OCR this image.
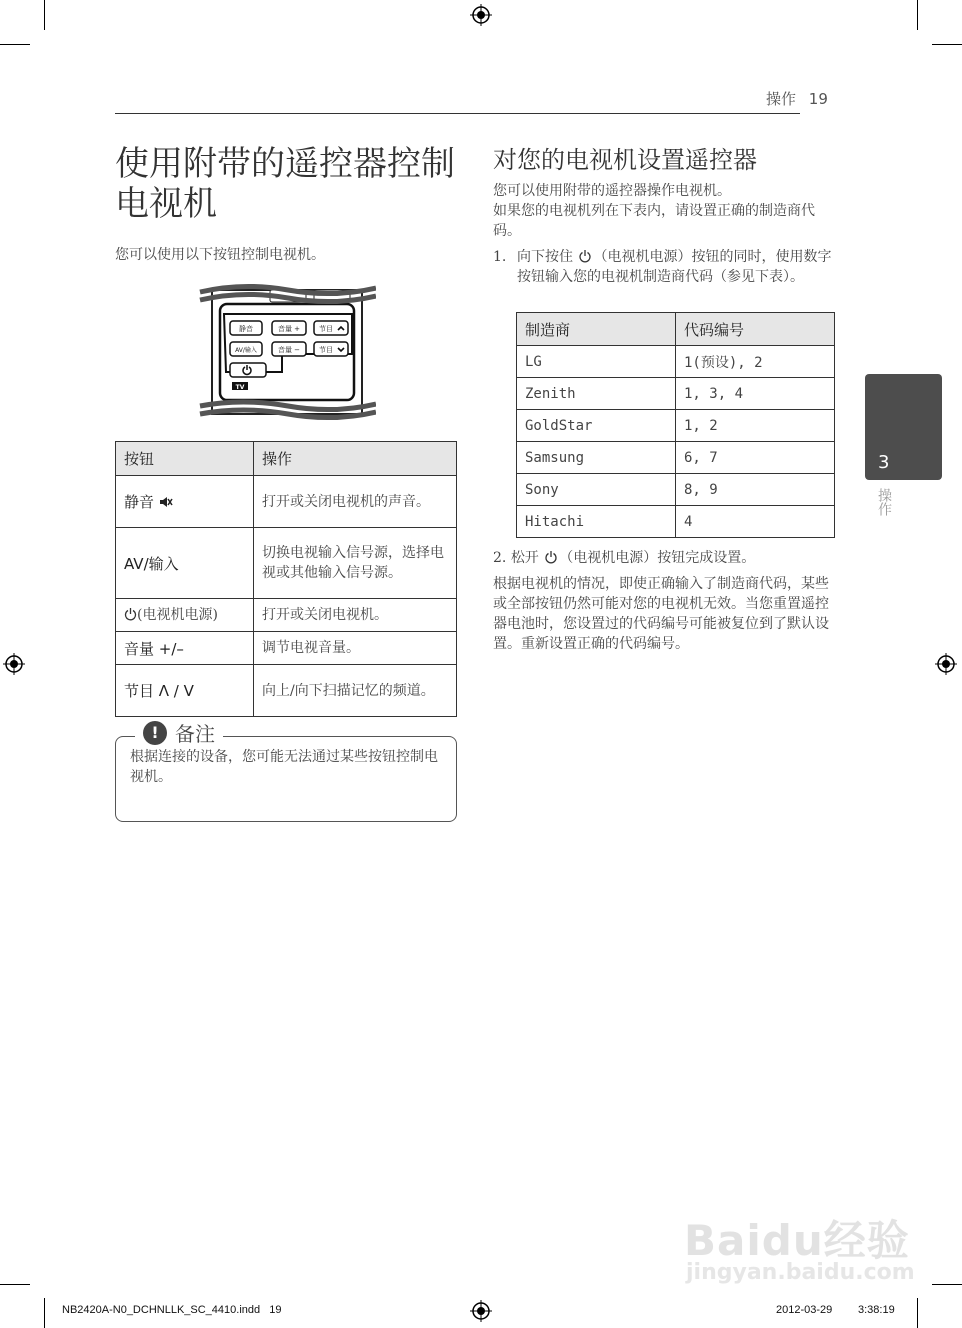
操作 19
使用附带的遥控器控制
电视机
您可以使用以下按钮控制电视机。
静音	音量 +	节目
AV/输入	音量 −	节目
TV
按钮	操作
静音	打开或关闭电视机的声音。
AV/输入	切换电视输入信号源，选择电视或其他输入信号源。
(电视机电源)	打开或关闭电视机。
音量 +/–	调节电视音量。
节目 Λ / V	向上/向下扫描记忆的频道。
根据连接的设备，您可能无法通过某些按钮控制电视机。
! 备注
对您的电视机设置遥控器
您可以使用附带的遥控器操作电视机。
如果您的电视机列在下表内，请设置正确的制造商代码。
1. 向下按住 （电视机电源）按钮的同时，使用数字按钮输入您的电视机制造商代码（参见下表）。
制造商	代码编号
LG	1(预设), 2
Zenith	1, 3, 4
GoldStar	1, 2
Samsung	6, 7
Sony	8, 9
Hitachi	4
2. 松开 （电视机电源）按钮完成设置。
根据电视机的情况，即使正确输入了制造商代码，某些或全部按钮仍然可能对您的电视机无效。当您重置遥控器电池时，您设置过的代码编号可能被复位到了默认设置。重新设置正确的代码编号。
3
操作
Baidu经验
jingyan.baidu.com
NB2420A-N0_DCHNLLK_SC_4410.indd   19	2012-03-29 3:38:19
